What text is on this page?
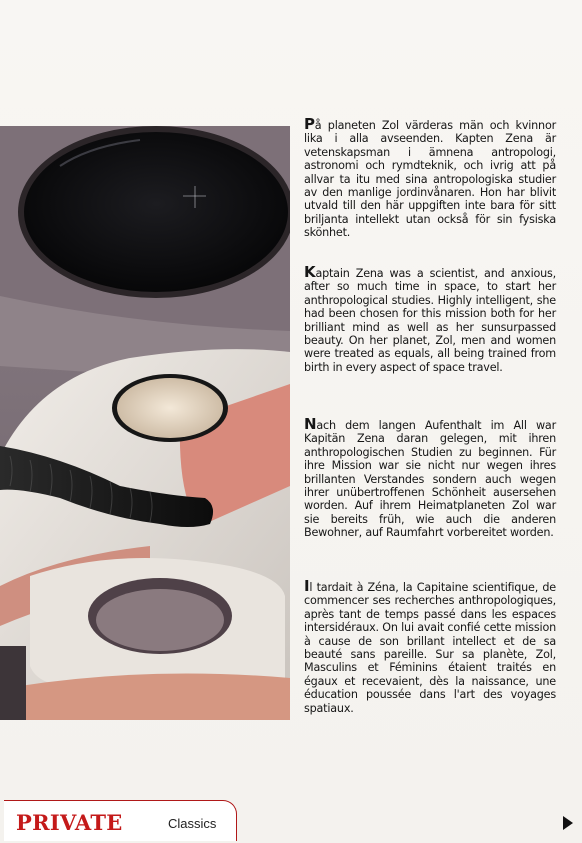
På planeten Zol värderas män och kvinnor lika i alla avseenden. Kapten Zena är vetenskapsman i ämnena antropologi, astronomi och rymdteknik, och ivrig att på allvar ta itu med sina antropologiska studier av den manlige jordinvånaren. Hon har blivit utvald till den här uppgiften inte bara för sitt briljanta intellekt utan också för sin fysiska skönhet.

Kaptain Zena was a scientist, and anxious, after so much time in space, to start her anthropological studies. Highly intelligent, she had been chosen for this mission both for her brilliant mind as well as her sunsurpassed beauty. On her planet, Zol, men and women were treated as equals, all being trained from birth in every aspect of space travel.

Nach dem langen Aufenthalt im All war Kapitän Zena daran gelegen, mit ihren anthropologischen Studien zu beginnen. Für ihre Mission war sie nicht nur wegen ihres brillanten Verstandes sondern auch wegen ihrer unübertroffenen Schönheit ausersehen worden. Auf ihrem Heimatplaneten Zol war sie bereits früh, wie auch die anderen Bewohner, auf Raumfahrt vorbereitet worden.

Il tardait à Zéna, la Capitaine scientifique, de commencer ses recherches anthropologiques, après tant de temps passé dans les espaces intersidéraux. On lui avait confié cette mission à cause de son brillant intellect et de sa beauté sans pareille. Sur sa planète, Zol, Masculins et Féminins étaient traités en égaux et recevaient, dès la naissance, une éducation poussée dans l'art des voyages spatiaux.

PRIVATE	Classics
